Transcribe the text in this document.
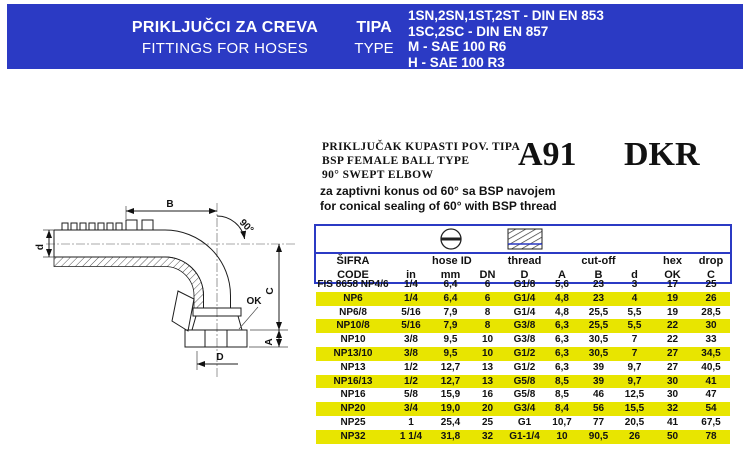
PRIKLJUČCI ZA CREVA
FITTINGS FOR HOSES
TIPA
TYPE
1SN,2SN,1ST,2ST - DIN EN 853
1SC,2SC - DIN EN 857
M - SAE 100 R6
H - SAE 100 R3
d
B
90°
C
A
OK
D
PRIKLJUČAK KUPASTI POV. TIPA
BSP FEMALE BALL TYPE
90° SWEPT ELBOW
A91 DKR
za zaptivni konus od 60° sa BSP navojem
for conical sealing of 60° with BSP thread
ŠIFRA	hose ID	thread	cut-off	hex	drop
CODE	in	mm	DN	D	A	B	d	OK	C
FIS 8658 NP4/6	1/4	6,4	6	G1/8	5,6	23	3	17	25
NP6	1/4	6,4	6	G1/4	4,8	23	4	19	26
NP6/8	5/16	7,9	8	G1/4	4,8	25,5	5,5	19	28,5
NP10/8	5/16	7,9	8	G3/8	6,3	25,5	5,5	22	30
NP10	3/8	9,5	10	G3/8	6,3	30,5	7	22	33
NP13/10	3/8	9,5	10	G1/2	6,3	30,5	7	27	34,5
NP13	1/2	12,7	13	G1/2	6,3	39	9,7	27	40,5
NP16/13	1/2	12,7	13	G5/8	8,5	39	9,7	30	41
NP16	5/8	15,9	16	G5/8	8,5	46	12,5	30	47
NP20	3/4	19,0	20	G3/4	8,4	56	15,5	32	54
NP25	1	25,4	25	G1	10,7	77	20,5	41	67,5
NP32	1 1/4	31,8	32	G1-1/4	10	90,5	26	50	78
